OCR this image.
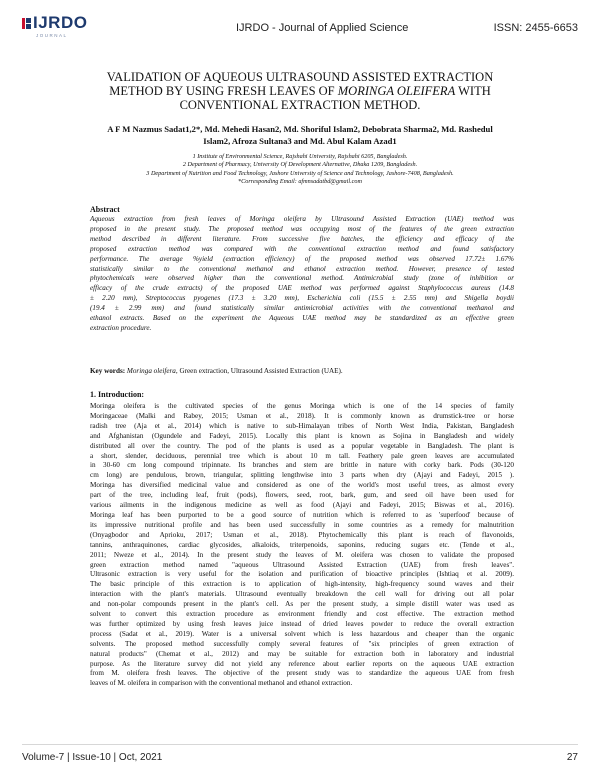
IJRDO
JOURNAL
IJRDO - Journal of Applied Science	ISSN: 2455-6653
VALIDATION OF AQUEOUS ULTRASOUND ASSISTED EXTRACTION
METHOD BY USING FRESH LEAVES OF MORINGA OLEIFERA WITH
CONVENTIONAL EXTRACTION METHOD.
A F M Nazmus Sadat1,2*, Md. Mehedi Hasan2, Md. Shoriful Islam2, Debobrata Sharma2, Md. Rashedul
Islam2, Afroza Sultana3 and Md. Abul Kalam Azad1
1 Institute of Environmental Science, Rajshahi University, Rajshahi 6205, Bangladesh.
2 Department of Pharmacy, University Of Development Alternative, Dhaka 1209, Bangladesh.
3 Department of Nutrition and Food Technology, Jashore University of Science and Technology, Jashore-7408, Bangladesh.
*Corresponding Email: afmnsadatbd@gmail.com
Abstract
Aqueous extraction from fresh leaves of Moringa oleifera by Ultrasound Assisted Extraction (UAE) method was
proposed in the present study. The proposed method was occupying most of the features of the green extraction
method described in different literature. From successive five batches, the efficiency and efficacy of the
proposed extraction method was compared with the conventional extraction method and found satisfactory
performance. The average %yield (extraction efficiency) of the proposed method was observed 17.72± 1.67%
statistically similar to the conventional methanol and ethanol extraction method. However, presence of tested
phytochemicals were observed higher than the conventional method. Antimicrobial study (zone of inhibition or
efficacy of the crude extracts) of the proposed UAE method was performed against Staphylococcus aureus (14.8
± 2.20 mm), Streptococcus pyogenes (17.3 ± 3.20 mm), Escherichia coli (15.5 ± 2.55 mm) and Shigella boydii
(19.4 ± 2.99 mm) and found statistically similar antimicrobial activities with the conventional methanol and
ethanol extracts. Based on the experiment the Aqueous UAE method may be standardized as an effective green
extraction procedure.
Key words: Moringa oleifera, Green extraction, Ultrasound Assisted Extraction (UAE).
1. Introduction:
Moringa oleifera is the cultivated species of the genus Moringa which is one of the 14 species of family
Moringaceae (Malki and Rabey, 2015; Usman et al., 2018). It is commonly known as drumstick-tree or horse
radish tree (Aja et al., 2014) which is native to sub-Himalayan tribes of North West India, Pakistan, Bangladesh
and Afghanistan (Ogundele and Fadeyi, 2015). Locally this plant is known as Sojina in Bangladesh and widely
distributed all over the country. The pod of the plants is used as a popular vegetable in Bangladesh. The plant is
a short, slender, deciduous, perennial tree which is about 10 m tall. Feathery pale green leaves are accumulated
in 30-60 cm long compound tripinnate. Its branches and stem are brittle in nature with corky bark. Pods (30-120
cm long) are pendulous, brown, triangular, splitting lengthwise into 3 parts when dry (Ajayi and Fadeyi, 2015 ).
Moringa has diversified medicinal value and considered as one of the world's most useful trees, as almost every
part of the tree, including leaf, fruit (pods), flowers, seed, root, bark, gum, and seed oil have been used for
various ailments in the indigenous medicine as well as food (Ajayi and Fadeyi, 2015; Biswas et al., 2016).
Moringa leaf has been purported to be a good source of nutrition which is referred to as 'superfood' because of
its impressive nutritional profile and has been used successfully in some countries as a remedy for malnutrition
(Onyagbodor and Aprioku, 2017; Usman et al., 2018). Phytochemically this plant is reach of flavonoids,
tannins, anthraquinones, cardiac glycosides, alkaloids, triterpenoids, saponins, reducing sugars etc. (Tende et al.,
2011; Nweze et al., 2014). In the present study the leaves of M. oleifera was chosen to validate the proposed
green extraction method named "aqueous Ultrasound Assisted Extraction (UAE) from fresh leaves".
Ultrasonic extraction is very useful for the isolation and purification of bioactive principles (Ishtiaq et al. 2009).
The basic principle of this extraction is to application of high-intensity, high-frequency sound waves and their
interaction with the plant's materials. Ultrasound eventually breakdown the cell wall for driving out all polar
and non-polar compounds present in the plant's cell. As per the present study, a simple distill water was used as
solvent to convert this extraction procedure as environment friendly and cost effective. The extraction method
was further optimized by using fresh leaves juice instead of dried leaves powder to reduce the overall extraction
process (Sadat et al., 2019). Water is a universal solvent which is less hazardous and cheaper than the organic
solvents. The proposed method successfully comply several features of "six principles of green extraction of
natural products" (Chemat et al., 2012) and may be suitable for extraction both in laboratory and industrial
purpose. As the literature survey did not yield any reference about earlier reports on the aqueous UAE extraction
from M. oleifera fresh leaves. The objective of the present study was to standardize the aqueous UAE from fresh
leaves of M. oleifera in comparison with the conventional methanol and ethanol extraction.
Volume-7 | Issue-10 | Oct, 2021	27
